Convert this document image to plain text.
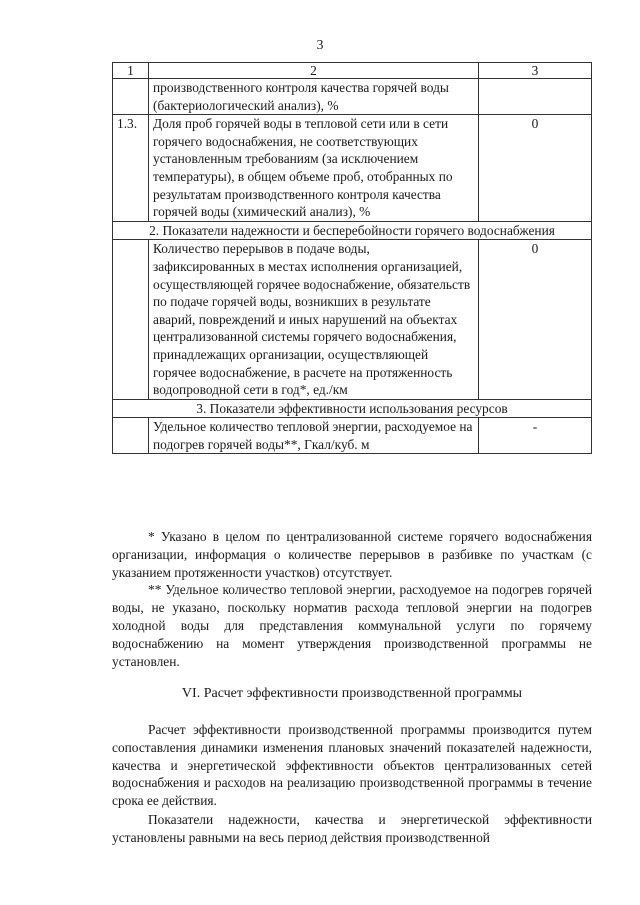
3
1	2	3
	производственного контроля качества горячей воды (бактериологический анализ), %	
1.3.	Доля проб горячей воды в тепловой сети или в сети горячего водоснабжения, не соответствующих установленным требованиям (за исключением температуры), в общем объеме проб, отобранных по результатам производственного контроля качества горячей воды (химический анализ), %	0
2. Показатели надежности и бесперебойности горячего водоснабжения		
	Количество перерывов в подаче воды, зафиксированных в местах исполнения организацией, осуществляющей горячее водоснабжение, обязательств по подаче горячей воды, возникших в результате аварий, повреждений и иных нарушений на объектах централизованной системы горячего водоснабжения, принадлежащих организации, осуществляющей горячее водоснабжение, в расчете на протяженность водопроводной сети в год*, ед./км	0
3. Показатели эффективности использования ресурсов		
	Удельное количество тепловой энергии, расходуемое на подогрев горячей воды**, Гкал/куб. м	-

* Указано в целом по централизованной системе горячего водоснабжения организации, информация о количестве перерывов в разбивке по участкам (с указанием протяженности участков) отсутствует.

** Удельное количество тепловой энергии, расходуемое на подогрев горячей воды, не указано, поскольку норматив расхода тепловой энергии на подогрев холодной воды для представления коммунальной услуги по горячему водоснабжению на момент утверждения производственной программы не установлен.

VI. Расчет эффективности производственной программы

Расчет эффективности производственной программы производится путем сопоставления динамики изменения плановых значений показателей надежности, качества и энергетической эффективности объектов централизованных сетей водоснабжения и расходов на реализацию производственной программы в течение срока ее действия.

Показатели надежности, качества и энергетической эффективности установлены равными на весь период действия производственной
